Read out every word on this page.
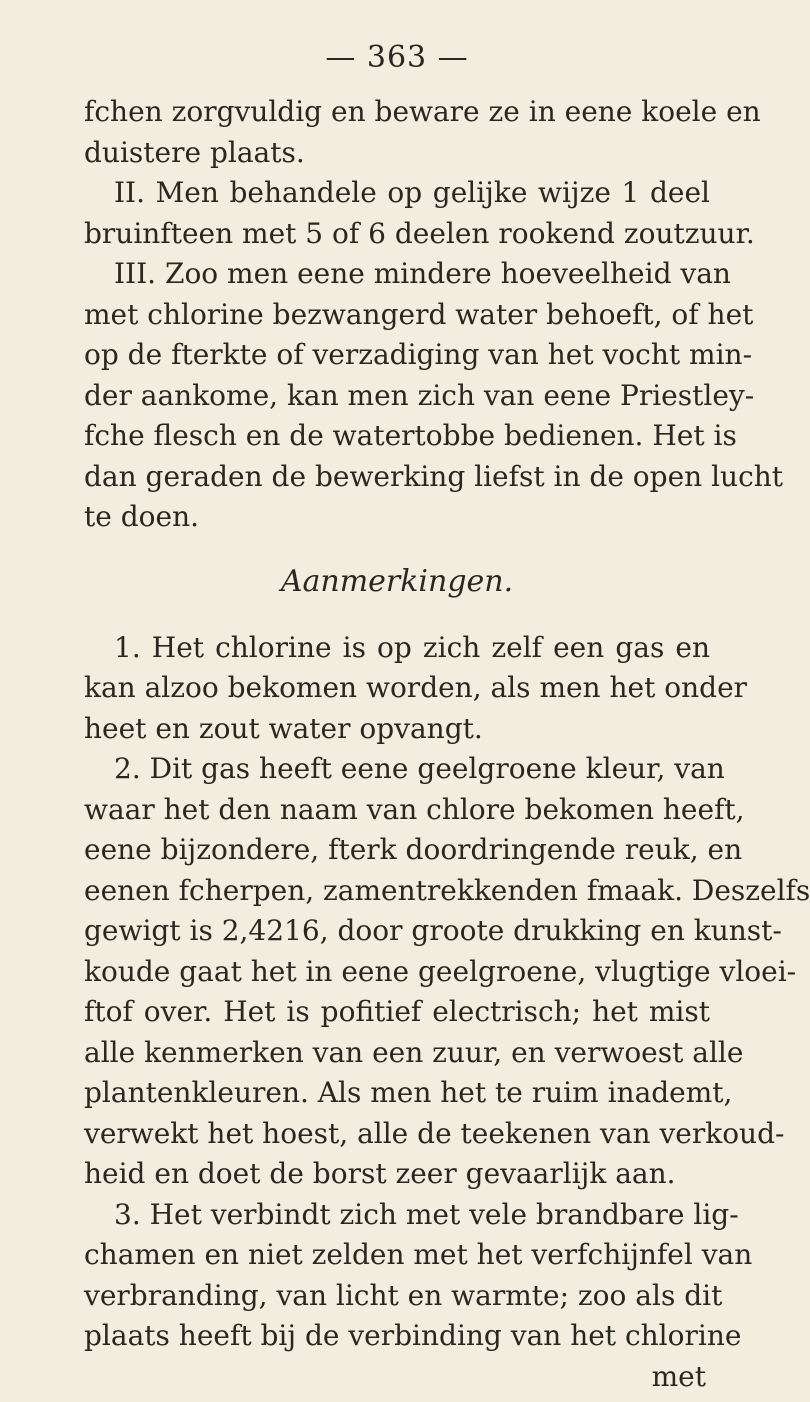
— 363 —
fchen zorgvuldig en beware ze in eene koele en
duistere plaats.
II. Men behandele op gelijke wijze 1 deel
bruinfteen met 5 of 6 deelen rookend zoutzuur.
III. Zoo men eene mindere hoeveelheid van
met chlorine bezwangerd water behoeft, of het
op de fterkte of verzadiging van het vocht min-
der aankome, kan men zich van eene Priestley-
fche flesch en de watertobbe bedienen. Het is
dan geraden de bewerking liefst in de open lucht
te doen.
Aanmerkingen.
1. Het chlorine is op zich zelf een gas en
kan alzoo bekomen worden, als men het onder
heet en zout water opvangt.
2. Dit gas heeft eene geelgroene kleur, van
waar het den naam van chlore bekomen heeft,
eene bijzondere, fterk doordringende reuk, en
eenen fcherpen, zamentrekkenden fmaak. Deszelfs
gewigt is 2,4216, door groote drukking en kunst-
koude gaat het in eene geelgroene, vlugtige vloei-
ftof over. Het is pofitief electrisch; het mist
alle kenmerken van een zuur, en verwoest alle
plantenkleuren. Als men het te ruim inademt,
verwekt het hoest, alle de teekenen van verkoud-
heid en doet de borst zeer gevaarlijk aan.
3. Het verbindt zich met vele brandbare lig-
chamen en niet zelden met het verfchijnfel van
verbranding, van licht en warmte; zoo als dit
plaats heeft bij de verbinding van het chlorine
met
